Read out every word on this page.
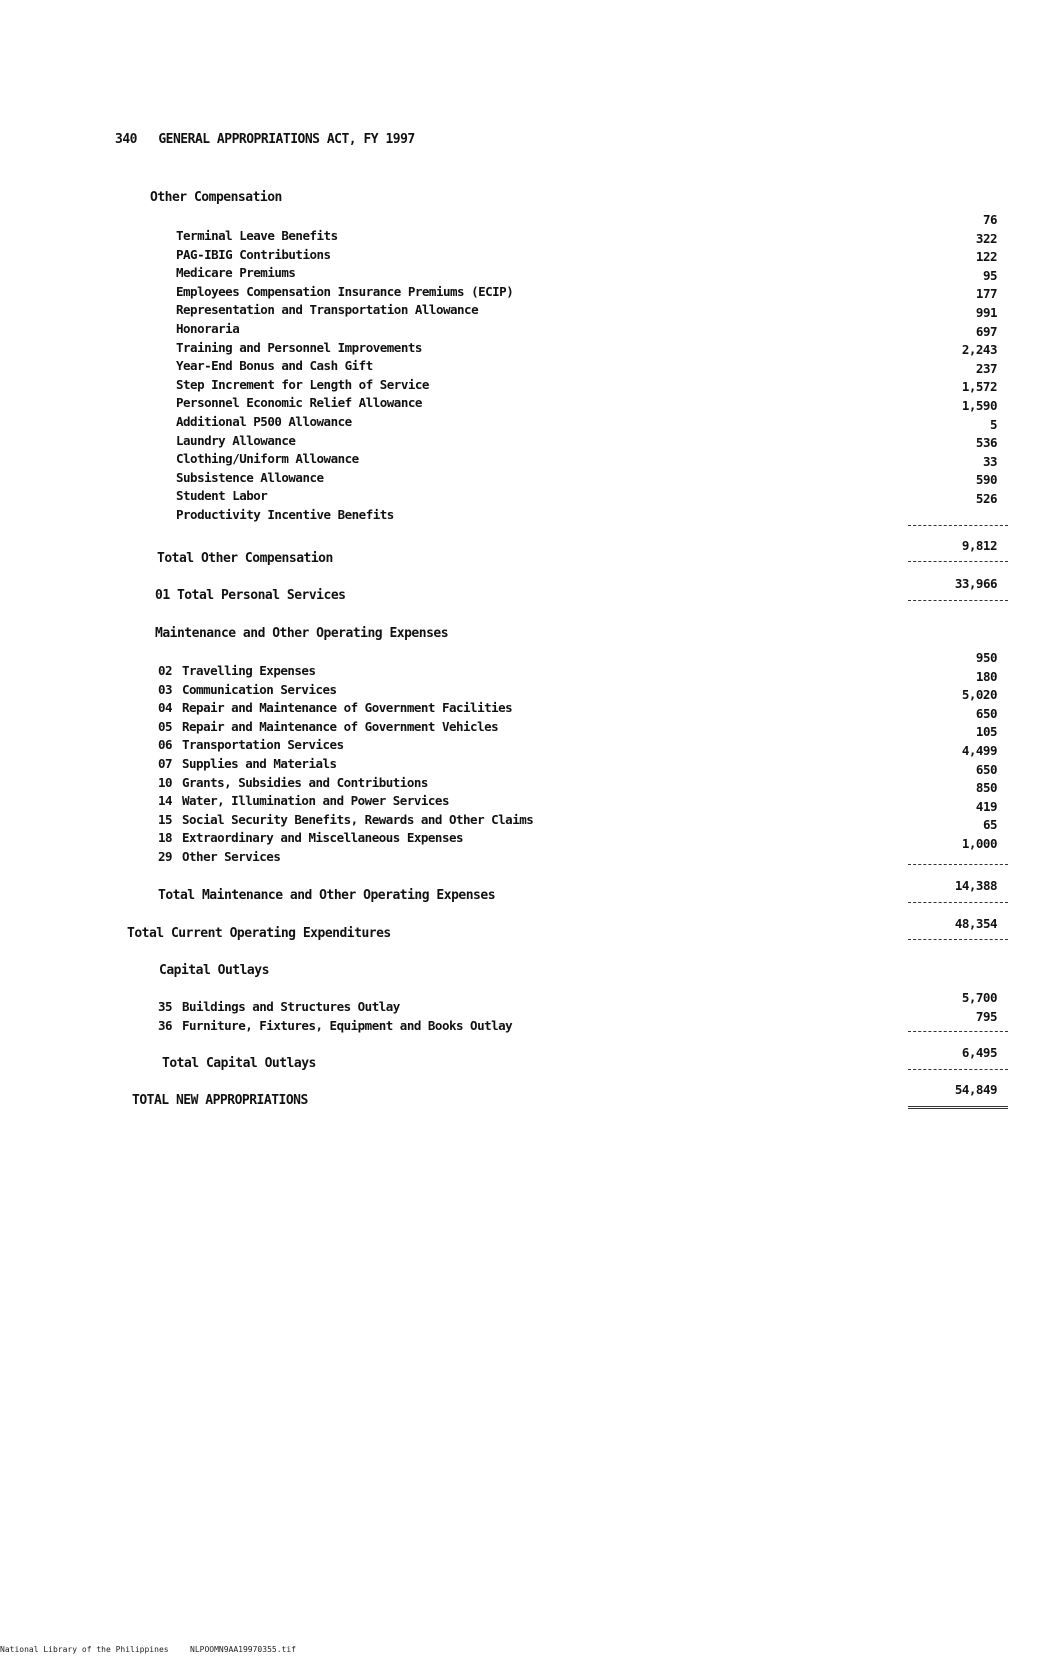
340 GENERAL APPROPRIATIONS ACT, FY 1997
Other Compensation
Terminal Leave Benefits
76
PAG-IBIG Contributions
322
Medicare Premiums
122
Employees Compensation Insurance Premiums (ECIP)
95
Representation and Transportation Allowance
177
Honoraria
991
Training and Personnel Improvements
697
Year-End Bonus and Cash Gift
2,243
Step Increment for Length of Service
237
Personnel Economic Relief Allowance
1,572
Additional P500 Allowance
1,590
Laundry Allowance
5
Clothing/Uniform Allowance
536
Subsistence Allowance
33
Student Labor
590
Productivity Incentive Benefits
526
Total Other Compensation
9,812
01 Total Personal Services
33,966
Maintenance and Other Operating Expenses
02 Travelling Expenses
950
03 Communication Services
180
04 Repair and Maintenance of Government Facilities
5,020
05 Repair and Maintenance of Government Vehicles
650
06 Transportation Services
105
07 Supplies and Materials
4,499
10 Grants, Subsidies and Contributions
650
14 Water, Illumination and Power Services
850
15 Social Security Benefits, Rewards and Other Claims
419
18 Extraordinary and Miscellaneous Expenses
65
29 Other Services
1,000
Total Maintenance and Other Operating Expenses
14,388
Total Current Operating Expenditures
48,354
Capital Outlays
35 Buildings and Structures Outlay
5,700
36 Furniture, Fixtures, Equipment and Books Outlay
795
Total Capital Outlays
6,495
TOTAL NEW APPROPRIATIONS
54,849
National Library of the Philippines	NLPOOMN9AA19970355.tif
